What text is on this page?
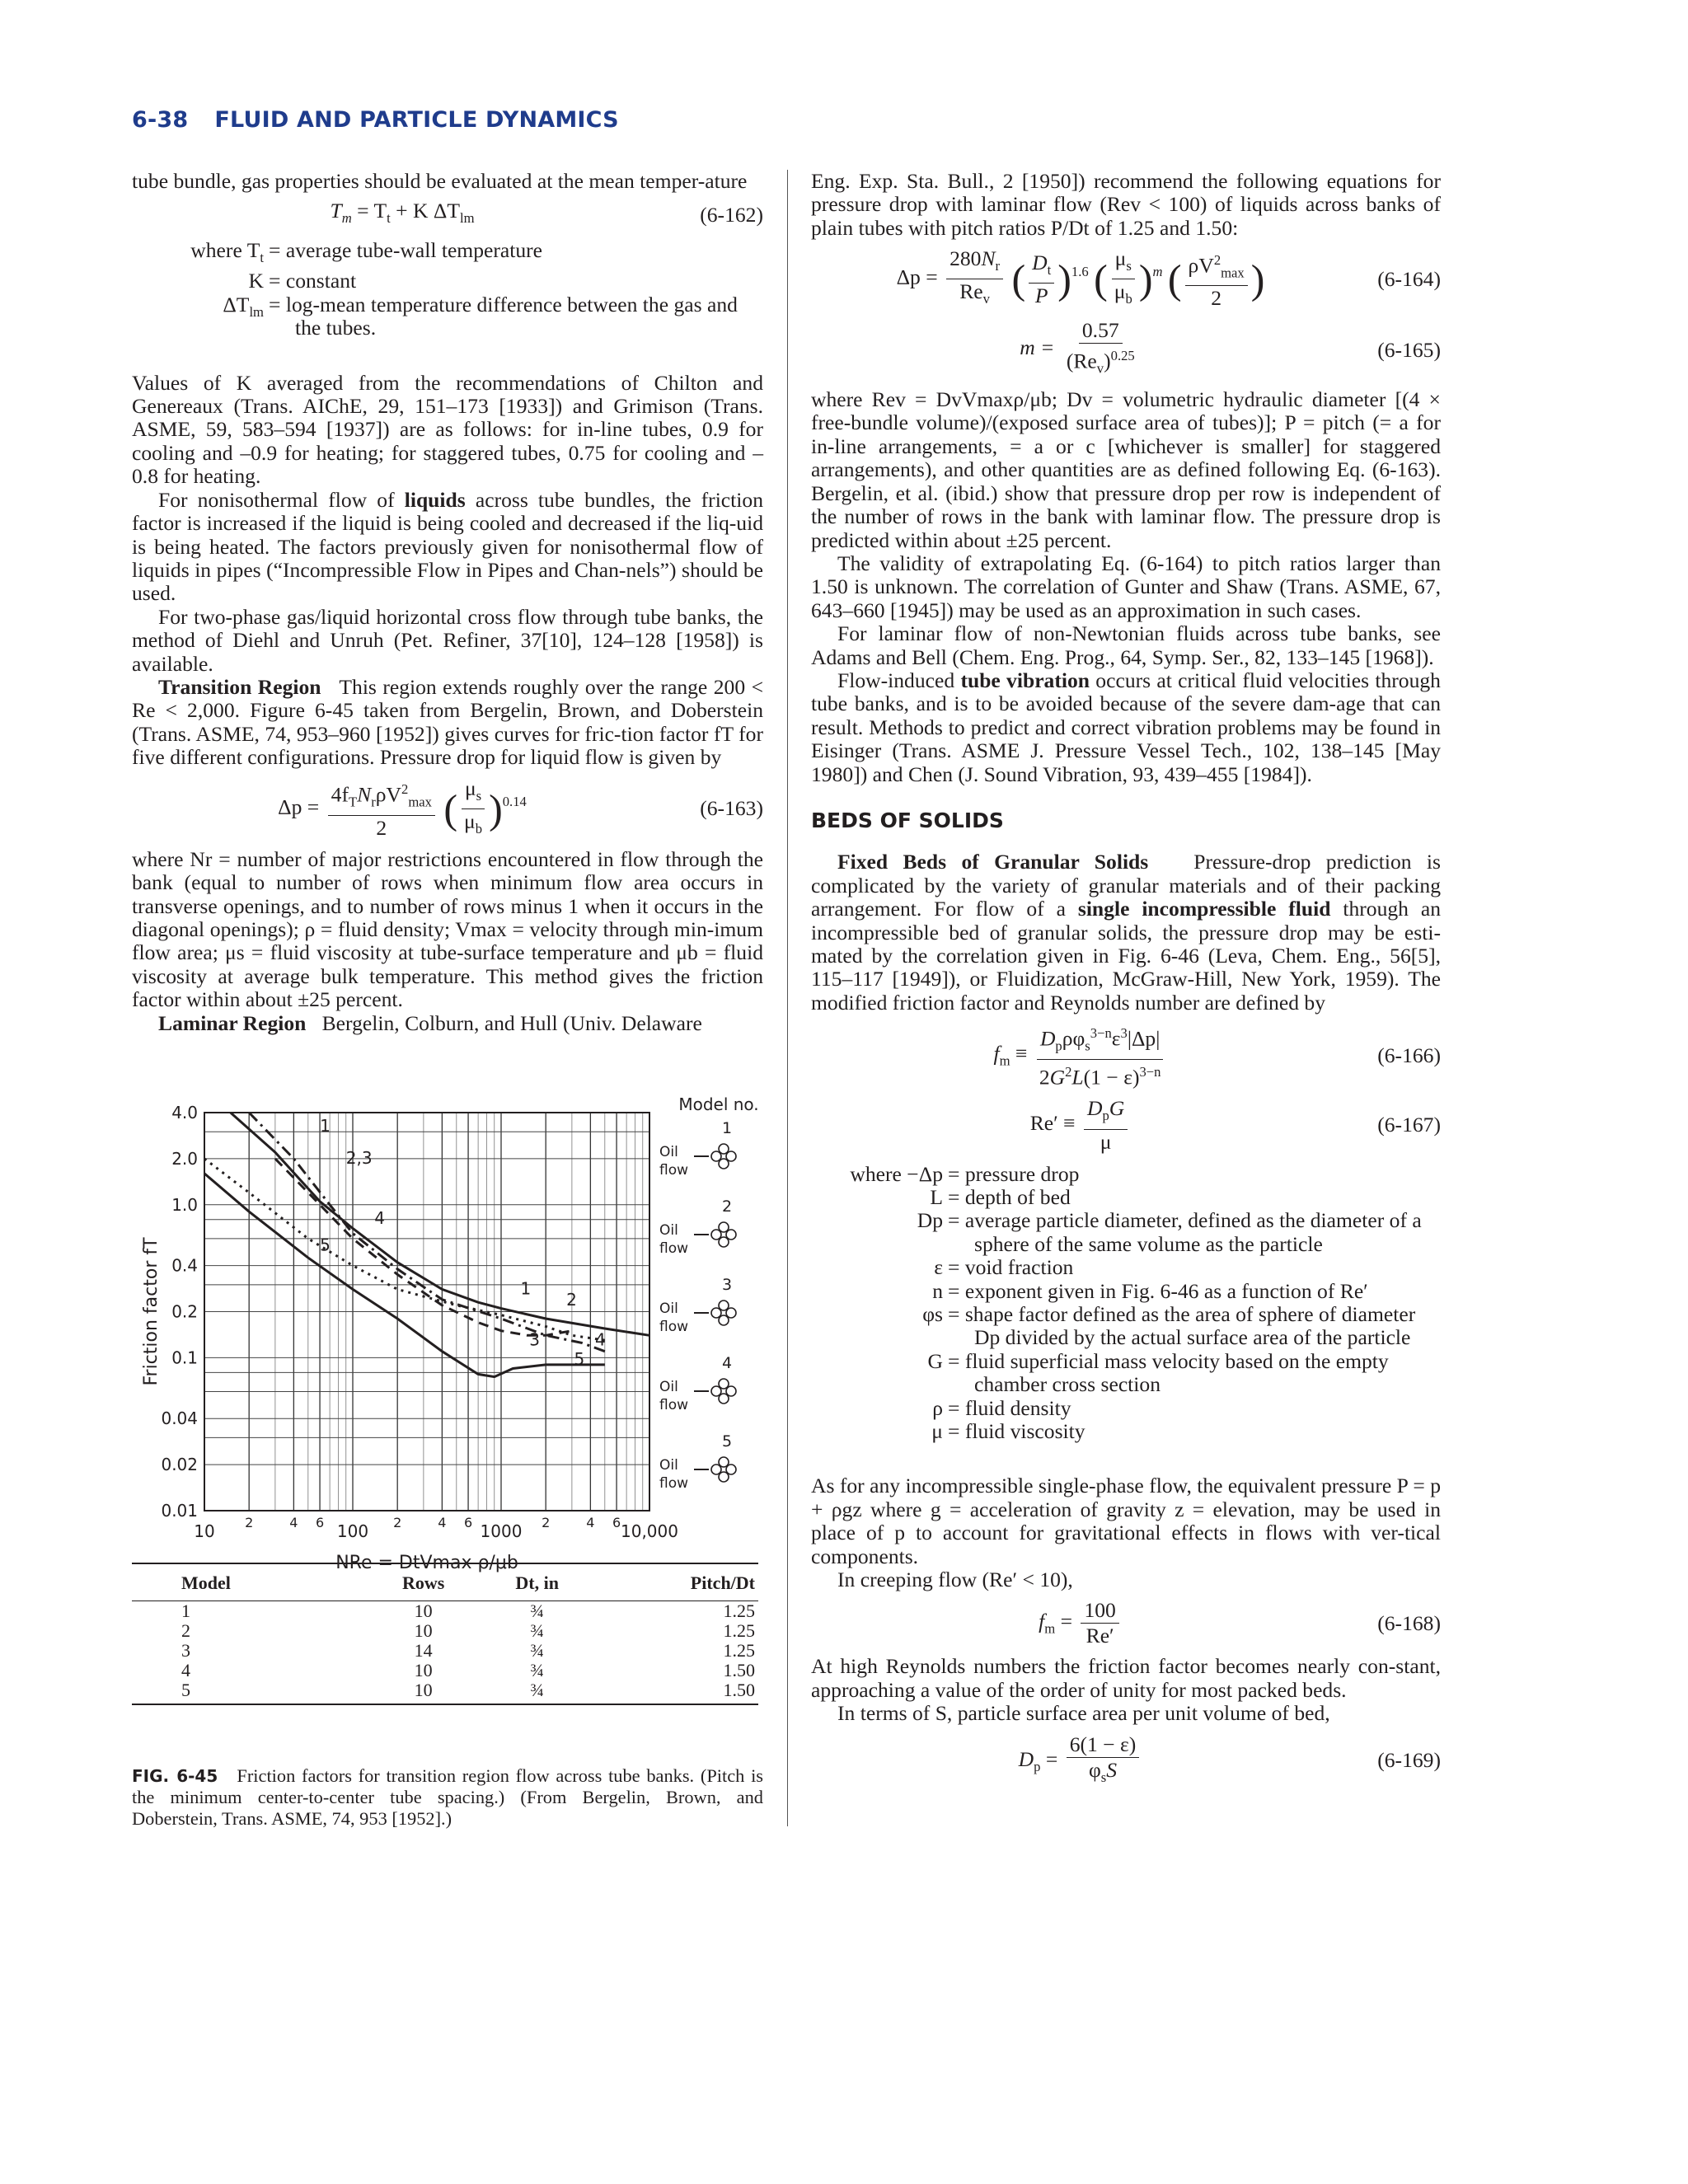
6-38 FLUID AND PARTICLE DYNAMICS

tube bundle, gas properties should be evaluated at the mean temper-ature

$T_m = T_t + K$ $\Delta T_{lm}$	(6-162)
where $T_t$ = average tube-wall temperature
K = constant
$\Delta T_{lm}$ = log-mean temperature difference between the gas and the tubes.

Values of K averaged from the recommendations of Chilton and Genereaux (Trans. AIChE, 29, 151–173 [1933]) and Grimison (Trans. ASME, 59, 583–594 [1937]) are as follows: for in-line tubes, 0.9 for cooling and –0.9 for heating; for staggered tubes, 0.75 for cooling and –0.8 for heating.

For nonisothermal flow of liquids across tube bundles, the friction factor is increased if the liquid is being cooled and decreased if the liq-uid is being heated. The factors previously given for nonisothermal flow of liquids in pipes (“Incompressible Flow in Pipes and Chan-nels”) should be used.

For two-phase gas/liquid horizontal cross flow through tube banks, the method of Diehl and Unruh (Pet. Refiner, 37[10], 124–128 [1958]) is available.

Transition Region This region extends roughly over the range 200 < Re < 2,000. Figure 6-45 taken from Bergelin, Brown, and Doberstein (Trans. ASME, 74, 953–960 [1952]) gives curves for fric-tion factor fT for five different configurations. Pressure drop for liquid flow is given by

$\Delta p = \frac{4f_TN_r\rho V^2_{max}}{2}$ ( $\frac{\mu_s}{\mu_b} )^{0.14}$	(6-163)

where Nr = number of major restrictions encountered in flow through the bank (equal to number of rows when minimum flow area occurs in transverse openings, and to number of rows minus 1 when it occurs in the diagonal openings); ρ = fluid density; Vmax = velocity through min-imum flow area; μs = fluid viscosity at tube-surface temperature and μb = fluid viscosity at average bulk temperature. This method gives the friction factor within about ±25 percent.

Laminar Region Bergelin, Colburn, and Hull (Univ. Delaware

10 2	4 6 100 2	4 6 1000 2	4 6 10,000
4.0
2.0
1.0
0.4
0.2
0.1
0.04
0.02
0.01
NRe = DtVmax ρ/μb
Friction factor fT
1
2,3
4
5
1
2
3	4
5
Model no.
1
Oil
flow
2
Oil
flow
3
Oil
flow
4
Oil
flow
5
Oil
flow
Model	Rows	Dt, in	Pitch/Dt
1	10	¾	1.25
2	10	¾	1.25
3	14	¾	1.25
4	10	¾	1.50
5	10	¾	1.50
FIG. 6-45 Friction factors for transition region flow across tube banks. (Pitch is the minimum center-to-center tube spacing.) (From Bergelin, Brown, and Doberstein, Trans. ASME, 74, 953 [1952].)

Eng. Exp. Sta. Bull., 2 [1950]) recommend the following equations for pressure drop with laminar flow (Rev < 100) of liquids across banks of plain tubes with pitch ratios P/Dt of 1.25 and 1.50:

$\Delta p = \frac{280N_r}{Re_v}$ ( $\frac{D_t}{P} )^{1.6}$ ( $\frac{\mu_s}{\mu_b} )^m$ ( $\frac{\rho V^2_{max}}{2}$ )	(6-164)
$m = \frac{0.57}{(Re_v)^{0.25}}$	(6-165)

where Rev = DvVmaxρ/μb; Dv = volumetric hydraulic diameter [(4 × free-bundle volume)/(exposed surface area of tubes)]; P = pitch (= a for in-line arrangements, = a or c [whichever is smaller] for staggered arrangements), and other quantities are as defined following Eq. (6-163). Bergelin, et al. (ibid.) show that pressure drop per row is independent of the number of rows in the bank with laminar flow. The pressure drop is predicted within about ±25 percent.

The validity of extrapolating Eq. (6-164) to pitch ratios larger than 1.50 is unknown. The correlation of Gunter and Shaw (Trans. ASME, 67, 643–660 [1945]) may be used as an approximation in such cases.

For laminar flow of non-Newtonian fluids across tube banks, see Adams and Bell (Chem. Eng. Prog., 64, Symp. Ser., 82, 133–145 [1968]).

Flow-induced tube vibration occurs at critical fluid velocities through tube banks, and is to be avoided because of the severe dam-age that can result. Methods to predict and correct vibration problems may be found in Eisinger (Trans. ASME J. Pressure Vessel Tech., 102, 138–145 [May 1980]) and Chen (J. Sound Vibration, 93, 439–455 [1984]).

BEDS OF SOLIDS

Fixed Beds of Granular Solids Pressure-drop prediction is complicated by the variety of granular materials and of their packing arrangement. For flow of a single incompressible fluid through an incompressible bed of granular solids, the pressure drop may be esti-mated by the correlation given in Fig. 6-46 (Leva, Chem. Eng., 56[5], 115–117 [1949]), or Fluidization, McGraw-Hill, New York, 1959). The modified friction factor and Reynolds number are defined by

$f_m \equiv \frac{D_p\rho\varphi_s^{3-n}\varepsilon^3|\Delta p|}{2G^2L(1 - \varepsilon)^{3-n}}$	(6-166)
$Re' \equiv \frac{D_pG}{\mu}$	(6-167)
where −Δp = pressure drop
L = depth of bed
Dp = average particle diameter, defined as the diameter of a sphere of the same volume as the particle
ε = void fraction
n = exponent given in Fig. 6-46 as a function of Re′
φs = shape factor defined as the area of sphere of diameter Dp divided by the actual surface area of the particle
G = fluid superficial mass velocity based on the empty chamber cross section
ρ = fluid density
μ = fluid viscosity

As for any incompressible single-phase flow, the equivalent pressure P = p + ρgz where g = acceleration of gravity z = elevation, may be used in place of p to account for gravitational effects in flows with ver-tical components.

In creeping flow (Re′ < 10),

$f_m = \frac{100}{Re'}$	(6-168)

At high Reynolds numbers the friction factor becomes nearly con-stant, approaching a value of the order of unity for most packed beds.

In terms of S, particle surface area per unit volume of bed,

$D_p = \frac{6(1 - \varepsilon)}{\varphi_sS}$	(6-169)
